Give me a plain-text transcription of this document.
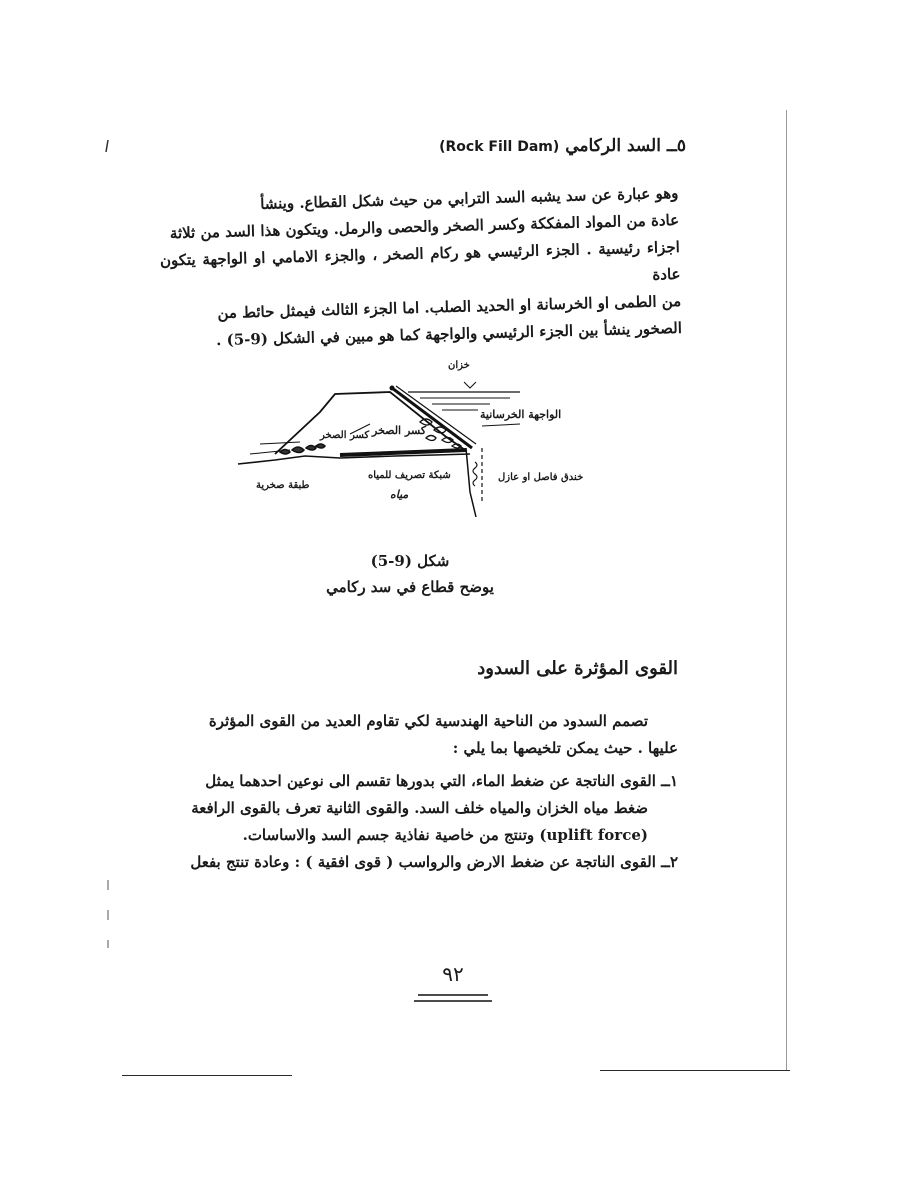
٥ــ السد الركامي (Rock Fill Dam)

وهو عبارة عن سد يشبه السد الترابي من حيث شكل القطاع. وينشأ

عادة من المواد المفككة وكسر الصخر والحصى والرمل. ويتكون هذا السد من ثلاثة

اجزاء رئيسية . الجزء الرئيسي هو ركام الصخر ، والجزء الامامي او الواجهة يتكون عادة

من الطمى او الخرسانة او الحديد الصلب. اما الجزء الثالث فيمثل حائط من

الصخور ينشأ بين الجزء الرئيسي والواجهة كما هو مبين في الشكل (9-5) .

خزان
الواجهة الخرسانية
كسر الصخر
كسر الصخر
خندق فاصل او عازل
شبكة تصريف للمياه
طبقة صخرية
مياه
شكل (9-5)
يوضح قطاع في سد ركامي
القوى المؤثرة على السدود

تصمم السدود من الناحية الهندسية لكي تقاوم العديد من القوى المؤثرة

عليها . حيث يمكن تلخيصها بما يلي :

١ــ القوى الناتجة عن ضغط الماء، التي بدورها تقسم الى نوعين احدهما يمثل

ضغط مياه الخزان والمياه خلف السد. والقوى الثانية تعرف بالقوى الرافعة

(uplift force) وتنتج من خاصية نفاذية جسم السد والاساسات.

٢ــ القوى الناتجة عن ضغط الارض والرواسب ( قوى افقية ) : وعادة تنتج بفعل

٩٢
